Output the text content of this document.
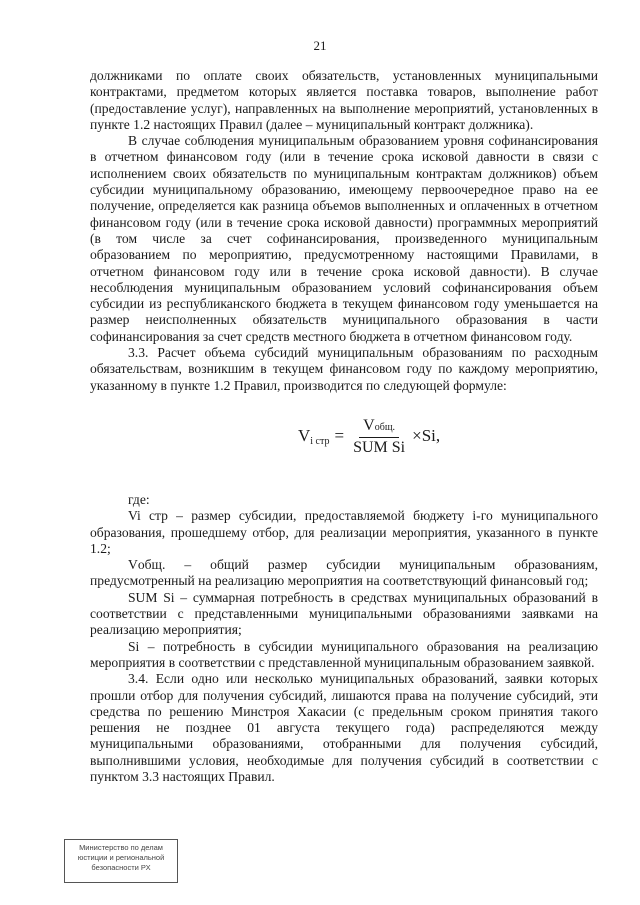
21

должниками по оплате своих обязательств, установленных муниципальными контрактами, предметом которых является поставка товаров, выполнение работ (предоставление услуг), направленных на выполнение мероприятий, установленных в пункте 1.2 настоящих Правил (далее – муниципальный контракт должника).

В случае соблюдения муниципальным образованием уровня софинансирования в отчетном финансовом году (или в течение срока исковой давности в связи с исполнением своих обязательств по муниципальным контрактам должников) объем субсидии муниципальному образованию, имеющему первоочередное право на ее получение, определяется как разница объемов выполненных и оплаченных в отчетном финансовом году (или в течение срока исковой давности) программных мероприятий (в том числе за счет софинансирования, произведенного муниципальным образованием по мероприятию, предусмотренному настоящими Правилами, в отчетном финансовом году или в течение срока исковой давности). В случае несоблюдения муниципальным образованием условий софинансирования объем субсидии из республиканского бюджета в текущем финансовом году уменьшается на размер неисполненных обязательств муниципального образования в части софинансирования за счет средств местного бюджета в отчетном финансовом году.

3.3. Расчет объема субсидий муниципальным образованиям по расходным обязательствам, возникшим в текущем финансовом году по каждому мероприятию, указанному в пункте 1.2 Правил, производится по следующей формуле:

V i стр = $\frac{\text{Vобщ.}}{\text{SUM Si}} \times Si$,

где:

Vi стр – размер субсидии, предоставляемой бюджету i-го муниципального образования, прошедшему отбор, для реализации мероприятия, указанного в пункте 1.2;

Vобщ. – общий размер субсидии муниципальным образованиям, предусмотренный на реализацию мероприятия на соответствующий финансовый год;

SUM Si – суммарная потребность в средствах муниципальных образований в соответствии с представленными муниципальными образованиями заявками на реализацию мероприятия;

Si – потребность в субсидии муниципального образования на реализацию мероприятия в соответствии с представленной муниципальным образованием заявкой.

3.4. Если одно или несколько муниципальных образований, заявки которых прошли отбор для получения субсидий, лишаются права на получение субсидий, эти средства по решению Минстроя Хакасии (с предельным сроком принятия такого решения не позднее 01 августа текущего года) распределяются между муниципальными образованиями, отобранными для получения субсидий, выполнившими условия, необходимые для получения субсидий в соответствии с пунктом 3.3 настоящих Правил.

Министерство по делам
юстиции и региональной
безопасности РХ
